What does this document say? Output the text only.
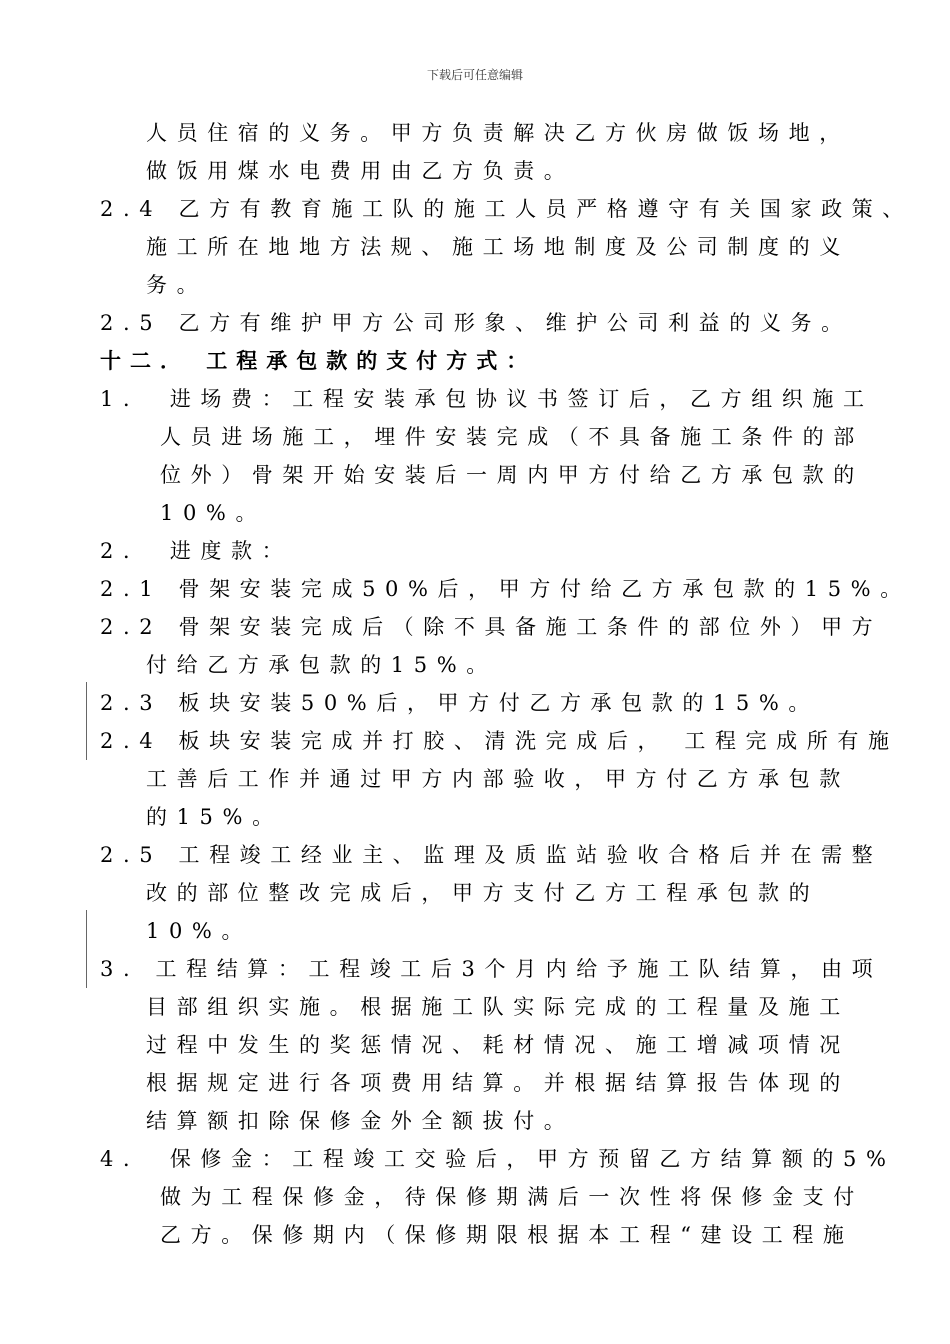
下载后可任意编辑
人员住宿的义务。甲方负责解决乙方伙房做饭场地，
做饭用煤水电费用由乙方负责。
2.4 乙方有教育施工队的施工人员严格遵守有关国家政策、
施工所在地地方法规、施工场地制度及公司制度的义
务。
2.5 乙方有维护甲方公司形象、维护公司利益的义务。
十二． 工程承包款的支付方式：
1． 进场费：工程安装承包协议书签订后，乙方组织施工
人员进场施工，埋件安装完成（不具备施工条件的部
位外）骨架开始安装后一周内甲方付给乙方承包款的
10%。
2． 进度款：
2.1 骨架安装完成50%后，甲方付给乙方承包款的15%。
2.2 骨架安装完成后（除不具备施工条件的部位外）甲方
付给乙方承包款的15%。
2.3 板块安装50%后，甲方付乙方承包款的15%。
2.4 板块安装完成并打胶、清洗完成后， 工程完成所有施
工善后工作并通过甲方内部验收，甲方付乙方承包款
的15%。
2.5 工程竣工经业主、监理及质监站验收合格后并在需整
改的部位整改完成后，甲方支付乙方工程承包款的
10%。
3. 工程结算：工程竣工后3个月内给予施工队结算，由项
目部组织实施。根据施工队实际完成的工程量及施工
过程中发生的奖惩情况、耗材情况、施工增减项情况
根据规定进行各项费用结算。并根据结算报告体现的
结算额扣除保修金外全额拔付。
4． 保修金：工程竣工交验后，甲方预留乙方结算额的5%
做为工程保修金，待保修期满后一次性将保修金支付
乙方。保修期内（保修期限根据本工程“建设工程施
